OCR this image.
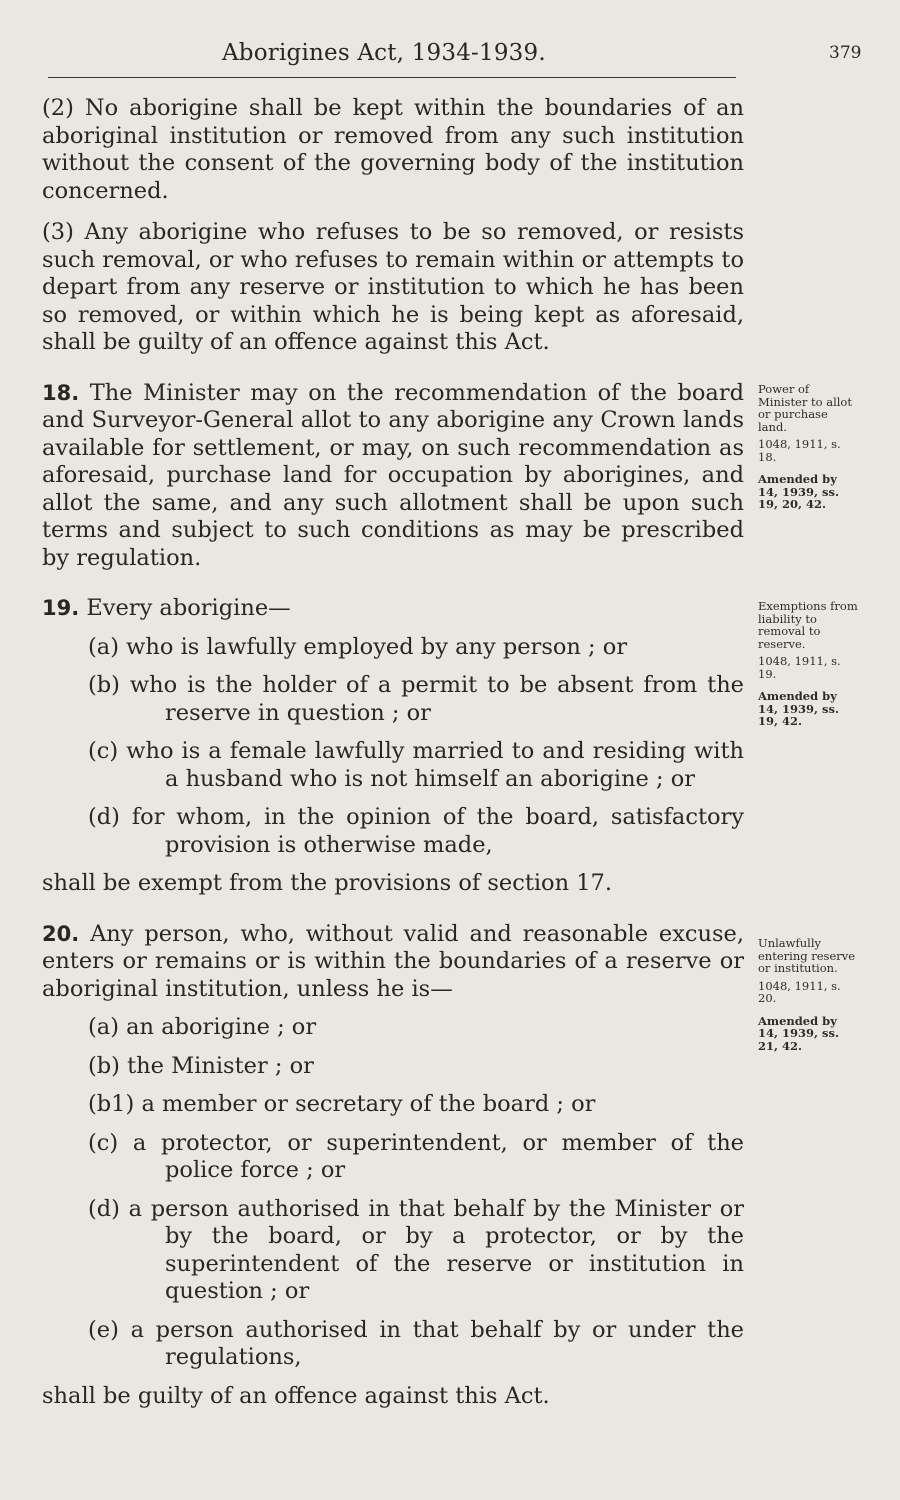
Aborigines Act, 1934-1939.	379

(2) No aborigine shall be kept within the boundaries of an aboriginal institution or removed from any such institution without the consent of the governing body of the institution concerned.

(3) Any aborigine who refuses to be so removed, or resists such removal, or who refuses to remain within or attempts to depart from any reserve or institution to which he has been so removed, or within which he is being kept as aforesaid, shall be guilty of an offence against this Act.

18. The Minister may on the recommendation of the board and Surveyor-General allot to any aborigine any Crown lands available for settlement, or may, on such recommendation as aforesaid, purchase land for occupation by aborigines, and allot the same, and any such allotment shall be upon such terms and subject to such conditions as may be prescribed by regulation.

19. Every aborigine—

(a) who is lawfully employed by any person ; or

(b) who is the holder of a permit to be absent from the reserve in question ; or

(c) who is a female lawfully married to and residing with a husband who is not himself an aborigine ; or

(d) for whom, in the opinion of the board, satisfactory provision is otherwise made,

shall be exempt from the provisions of section 17.

20. Any person, who, without valid and reasonable excuse, enters or remains or is within the boundaries of a reserve or aboriginal institution, unless he is—

(a) an aborigine ; or

(b) the Minister ; or

(b1) a member or secretary of the board ; or

(c) a protector, or superintendent, or member of the police force ; or

(d) a person authorised in that behalf by the Minister or by the board, or by a protector, or by the superintendent of the reserve or institution in question ; or

(e) a person authorised in that behalf by or under the regulations,

shall be guilty of an offence against this Act.

Power of Minister to allot or purchase land.

1048, 1911, s. 18.

Amended by 14, 1939, ss. 19, 20, 42.

Exemptions from liability to removal to reserve.

1048, 1911, s. 19.

Amended by 14, 1939, ss. 19, 42.

Unlawfully entering reserve or institution.

1048, 1911, s. 20.

Amended by 14, 1939, ss. 21, 42.
